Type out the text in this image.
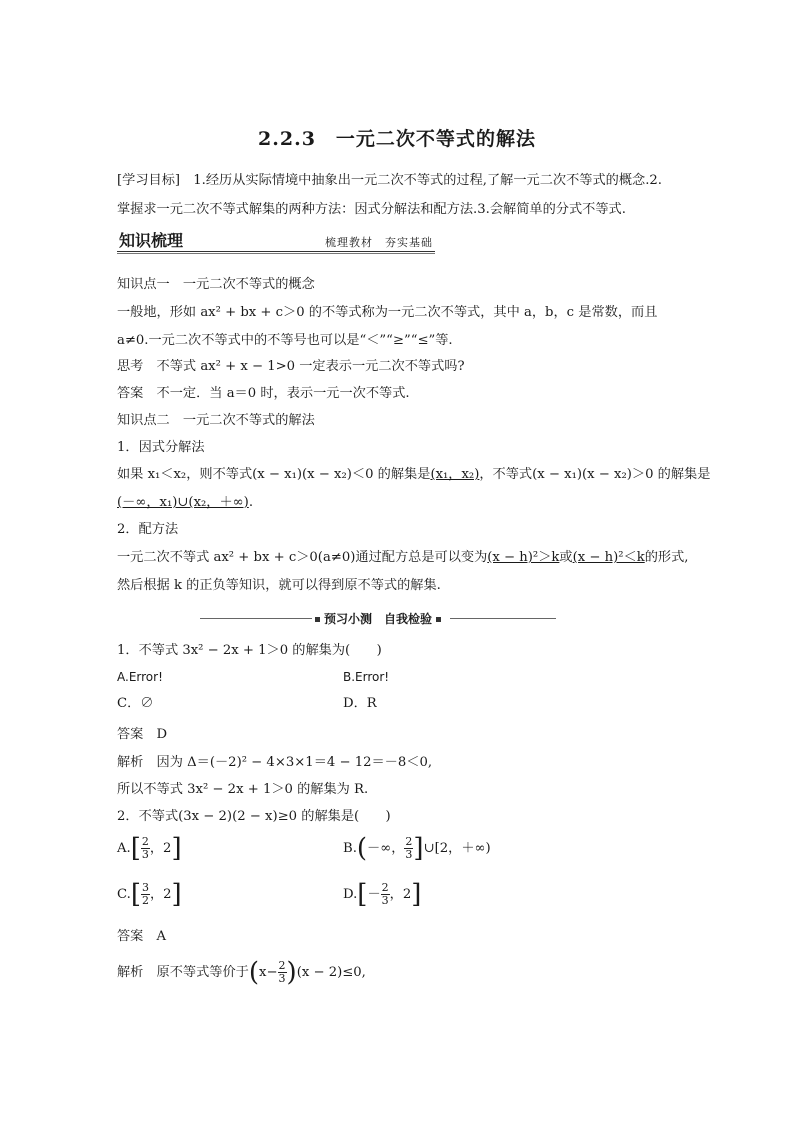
2.2.3　一元二次不等式的解法
[学习目标]　1.经历从实际情境中抽象出一元二次不等式的过程,了解一元二次不等式的概念.2.
掌握求一元二次不等式解集的两种方法：因式分解法和配方法.3.会解简单的分式不等式.
知识梳理	梳理教材　夯实基础
知识点一　一元二次不等式的概念
一般地，形如 ax² + bx + c＞0 的不等式称为一元二次不等式，其中 a，b，c 是常数，而且
a≠0.一元二次不等式中的不等号也可以是“＜”“≥”“≤”等.
思考　不等式 ax² + x − 1>0 一定表示一元二次不等式吗?
答案　不一定．当 a＝0 时，表示一元一次不等式.
知识点二　一元二次不等式的解法
1．因式分解法
如果 x₁＜x₂，则不等式(x − x₁)(x − x₂)＜0 的解集是(x₁，x₂)，不等式(x − x₁)(x − x₂)＞0 的解集是
(－∞，x₁)∪(x₂，＋∞).
2．配方法
一元二次不等式 ax² + bx + c＞0(a≠0)通过配方总是可以变为(x − h)²＞k或(x − h)²＜k的形式,
然后根据 k 的正负等知识，就可以得到原不等式的解集.
预习小测　自我检验
1．不等式 3x² − 2x + 1＞0 的解集为(　　)
A.Error!	B.Error!
C．∅	D．R
答案　D
解析　因为 Δ＝(－2)² − 4×3×1＝4 − 12＝－8＜0,
所以不等式 3x² − 2x + 1＞0 的解集为 R.
2．不等式(3x − 2)(2 − x)≥0 的解集是(　　)
$A.[ \frac{2}{3}$ ，2]	B.(－∞， $\frac{2}{3}$ ]∪[2，＋∞)
$C.[ \frac{3}{2}$ ，2]	$D.[- \frac{2}{3}$ ，2]
答案　A
解析　原不等式等价于$(x- \frac{2}{3} )(x - 2)\le 0$,
